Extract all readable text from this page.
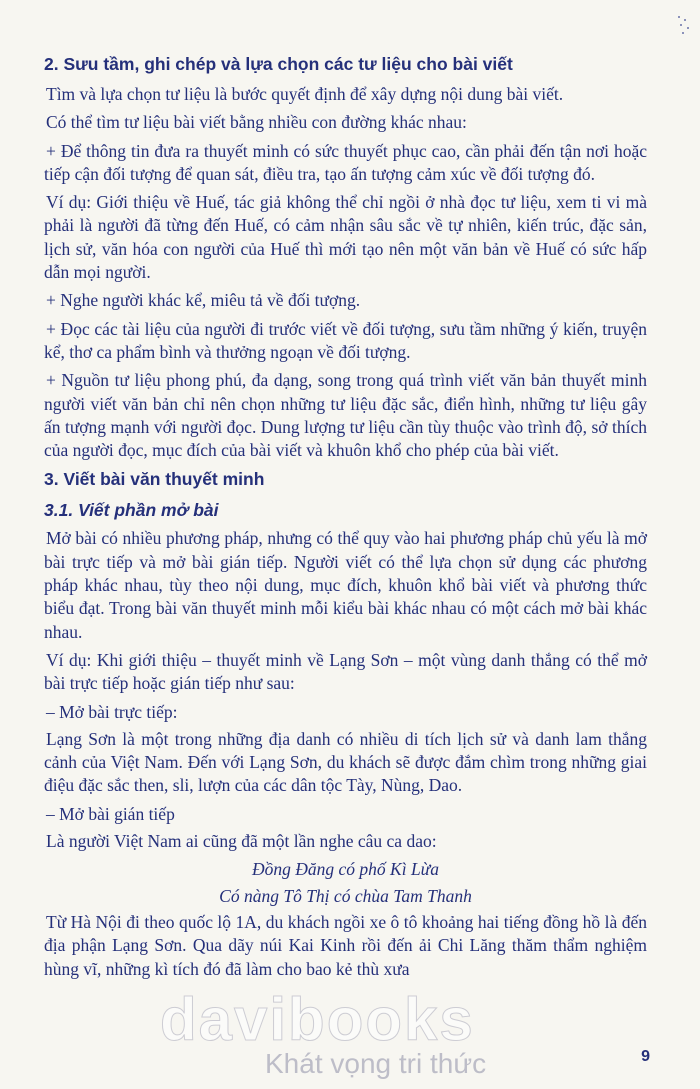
2. Sưu tầm, ghi chép và lựa chọn các tư liệu cho bài viết

Tìm và lựa chọn tư liệu là bước quyết định để xây dựng nội dung bài viết.

Có thể tìm tư liệu bài viết bằng nhiều con đường khác nhau:

+ Để thông tin đưa ra thuyết minh có sức thuyết phục cao, cần phải đến tận nơi hoặc tiếp cận đối tượng để quan sát, điều tra, tạo ấn tượng cảm xúc về đối tượng đó.

Ví dụ: Giới thiệu về Huế, tác giả không thể chỉ ngồi ở nhà đọc tư liệu, xem ti vi mà phải là người đã từng đến Huế, có cảm nhận sâu sắc về tự nhiên, kiến trúc, đặc sản, lịch sử, văn hóa con người của Huế thì mới tạo nên một văn bản về Huế có sức hấp dẫn mọi người.

+ Nghe người khác kể, miêu tả về đối tượng.

+ Đọc các tài liệu của người đi trước viết về đối tượng, sưu tầm những ý kiến, truyện kể, thơ ca phẩm bình và thưởng ngoạn về đối tượng.

+ Nguồn tư liệu phong phú, đa dạng, song trong quá trình viết văn bản thuyết minh người viết văn bản chỉ nên chọn những tư liệu đặc sắc, điển hình, những tư liệu gây ấn tượng mạnh với người đọc. Dung lượng tư liệu cần tùy thuộc vào trình độ, sở thích của người đọc, mục đích của bài viết và khuôn khổ cho phép của bài viết.

3. Viết bài văn thuyết minh
3.1. Viết phần mở bài

Mở bài có nhiều phương pháp, nhưng có thể quy vào hai phương pháp chủ yếu là mở bài trực tiếp và mở bài gián tiếp. Người viết có thể lựa chọn sử dụng các phương pháp khác nhau, tùy theo nội dung, mục đích, khuôn khổ bài viết và phương thức biểu đạt. Trong bài văn thuyết minh mỗi kiểu bài khác nhau có một cách mở bài khác nhau.

Ví dụ: Khi giới thiệu – thuyết minh về Lạng Sơn – một vùng danh thắng có thể mở bài trực tiếp hoặc gián tiếp như sau:

– Mở bài trực tiếp:

Lạng Sơn là một trong những địa danh có nhiều di tích lịch sử và danh lam thắng cảnh của Việt Nam. Đến với Lạng Sơn, du khách sẽ được đắm chìm trong những giai điệu đặc sắc then, sli, lượn của các dân tộc Tày, Nùng, Dao.

– Mở bài gián tiếp

Là người Việt Nam ai cũng đã một lần nghe câu ca dao:

Đồng Đăng có phố Kì Lừa

Có nàng Tô Thị có chùa Tam Thanh

Từ Hà Nội đi theo quốc lộ 1A, du khách ngồi xe ô tô khoảng hai tiếng đồng hồ là đến địa phận Lạng Sơn. Qua dãy núi Kai Kinh rồi đến ải Chi Lăng thăm thẩm nghiệm hùng vĩ, những kì tích đó đã làm cho bao kẻ thù xưa

davibooks
Khát vọng tri thức	9
